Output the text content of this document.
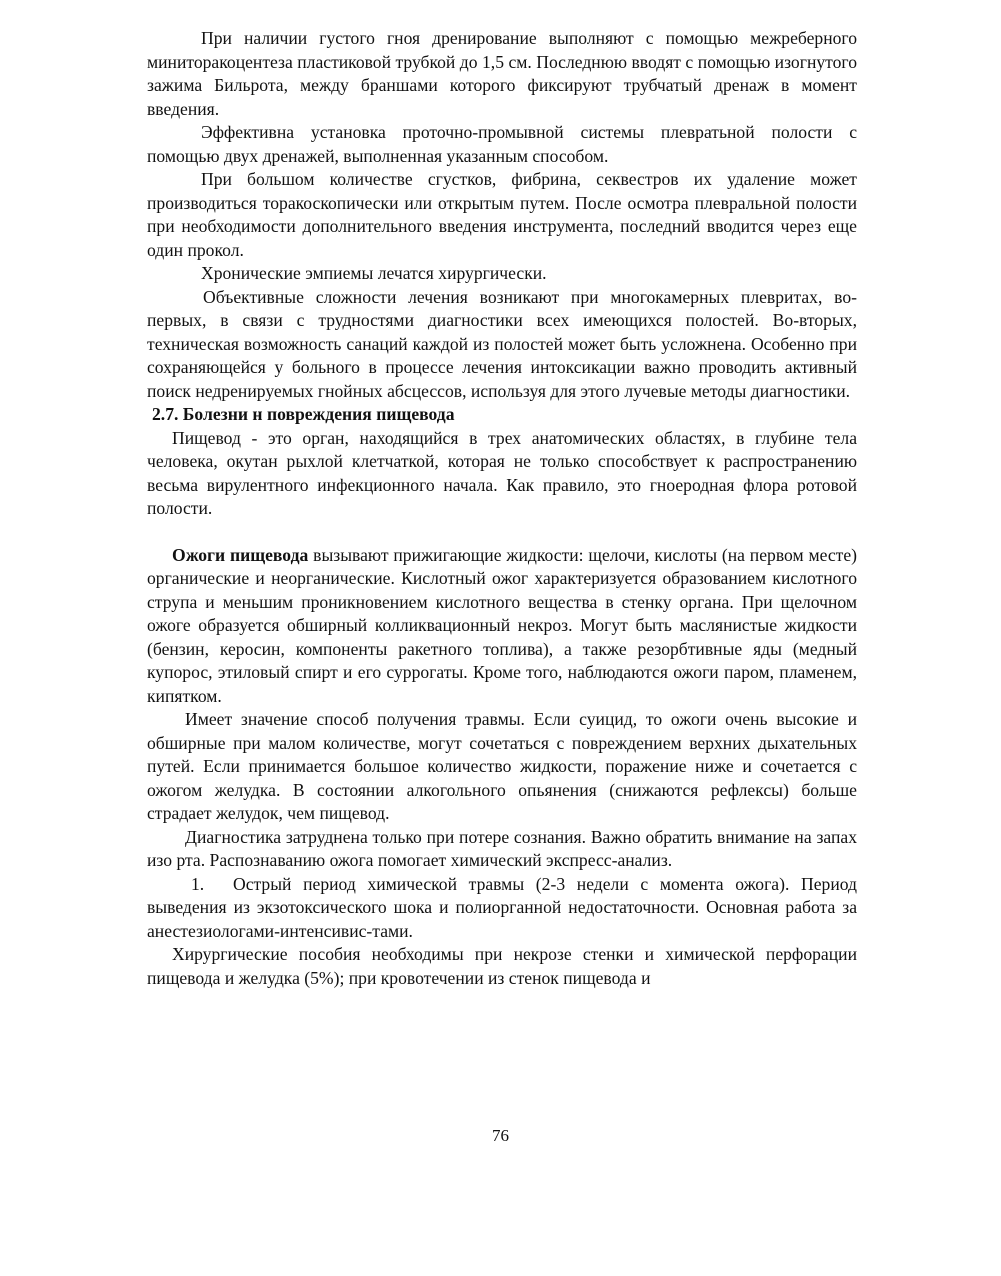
При наличии густого гноя дренирование выполняют с помощью межреберного миниторакоцентеза пластиковой трубкой до 1,5 см. Последнюю вводят с помощью изогнутого зажима Бильрота, между браншами которого фиксируют трубчатый дренаж в момент введения.

Эффективна установка проточно-промывной системы плевратьной полости с помощью двух дренажей, выполненная указанным способом.

При большом количестве сгустков, фибрина, секвестров их удаление может производиться торакоскопически или открытым путем. После осмотра плевральной полости при необходимости дополнительного введения инструмента, последний вводится через еще один прокол.

Хронические эмпиемы лечатся хирургически.

Объективные сложности лечения возникают при многокамерных плевритах, во-первых, в связи с трудностями диагностики всех имеющихся полостей. Во-вторых, техническая возможность санаций каждой из полостей может быть усложнена. Особенно при сохраняющейся у больного в процессе лечения интоксикации важно проводить активный поиск недренируемых гнойных абсцессов, используя для этого лучевые методы диагностики.

2.7. Болезни н повреждения пищевода

Пищевод - это орган, находящийся в трех анатомических областях, в глубине тела человека, окутан рыхлой клетчаткой, которая не только способствует к распространению весьма вирулентного инфекционного начала. Как правило, это гноеродная флора ротовой полости.

Ожоги пищевода вызывают прижигающие жидкости: щелочи, кислоты (на первом месте) органические и неорганические. Кислотный ожог характеризуется образованием кислотного струпа и меньшим проникновением кислотного вещества в стенку органа. При щелочном ожоге образуется обширный колликвационный некроз. Могут быть маслянистые жидкости (бензин, керосин, компоненты ракетного топлива), а также резорбтивные яды (медный купорос, этиловый спирт и его суррогаты. Кроме того, наблюдаются ожоги паром, пламенем, кипятком.

Имеет значение способ получения травмы. Если суицид, то ожоги очень высокие и обширные при малом количестве, могут сочетаться с повреждением верхних дыхательных путей. Если принимается большое количество жидкости, поражение ниже и сочетается с ожогом желудка. В состоянии алкогольного опьянения (снижаются рефлексы) больше страдает желудок, чем пищевод.

Диагностика затруднена только при потере сознания. Важно обратить внимание на запах изо рта. Распознаванию ожога помогает химический экспресс-анализ.

1. Острый период химической травмы (2-3 недели с момента ожога). Период выведения из экзотоксического шока и полиорганной недостаточности. Основная работа за анестезиологами-интенсивис-тами.

Хирургические пособия необходимы при некрозе стенки и химической перфорации пищевода и желудка (5%); при кровотечении из стенок пищевода и

76
